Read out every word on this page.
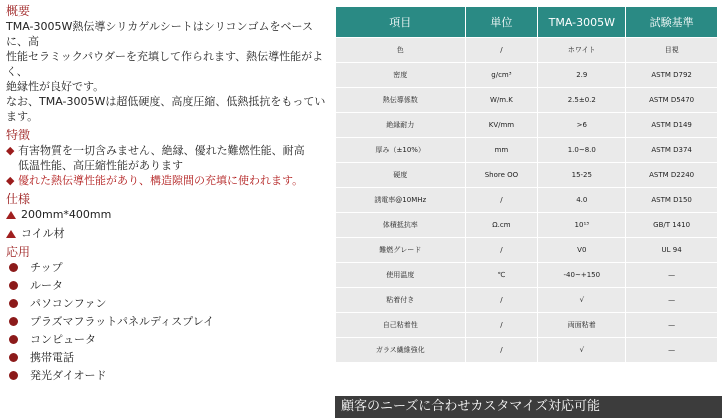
概要
TMA-3005W熱伝導シリカゲルシートはシリコンゴムをベースに、高
性能セラミックパウダーを充填して作られます、熱伝導性能がよく、
絶縁性が良好です。
なお、TMA-3005Wは超低硬度、高度圧縮、低熱抵抗をもってい
ます。
特徴
◆ 有害物質を一切含みません、絶縁、優れた難燃性能、耐高
低温性能、高圧縮性能があります
◆ 優れた熱伝導性能があり、構造隙間の充填に使われます。
仕様
200mm*400mm
コイル材
応用
チップ
ルータ
パソコンファン
プラズマフラットパネルディスプレイ
コンピュータ
携帯電話
発光ダイオード
項目	単位	TMA-3005W	試験基準
色	/	ホワイト	目視
密度	g/cm³	2.9	ASTM D792
熱伝導係数	W/m.K	2.5±0.2	ASTM D5470
絶縁耐力	KV/mm	>6	ASTM D149
厚み（±10%）	mm	1.0~8.0	ASTM D374
硬度	Shore OO	15-25	ASTM D2240
誘電率@10MHz	/	4.0	ASTM D150
体積抵抗率	Ω.cm	10¹³	GB/T 1410
難燃グレード	/	V0	UL 94
使用温度	℃	-40~+150	—
粘着付き	/	√	—
自己粘着性	/	両面粘着	—
ガラス繊維強化	/	√	—
顧客のニーズに合わせカスタマイズ対応可能
